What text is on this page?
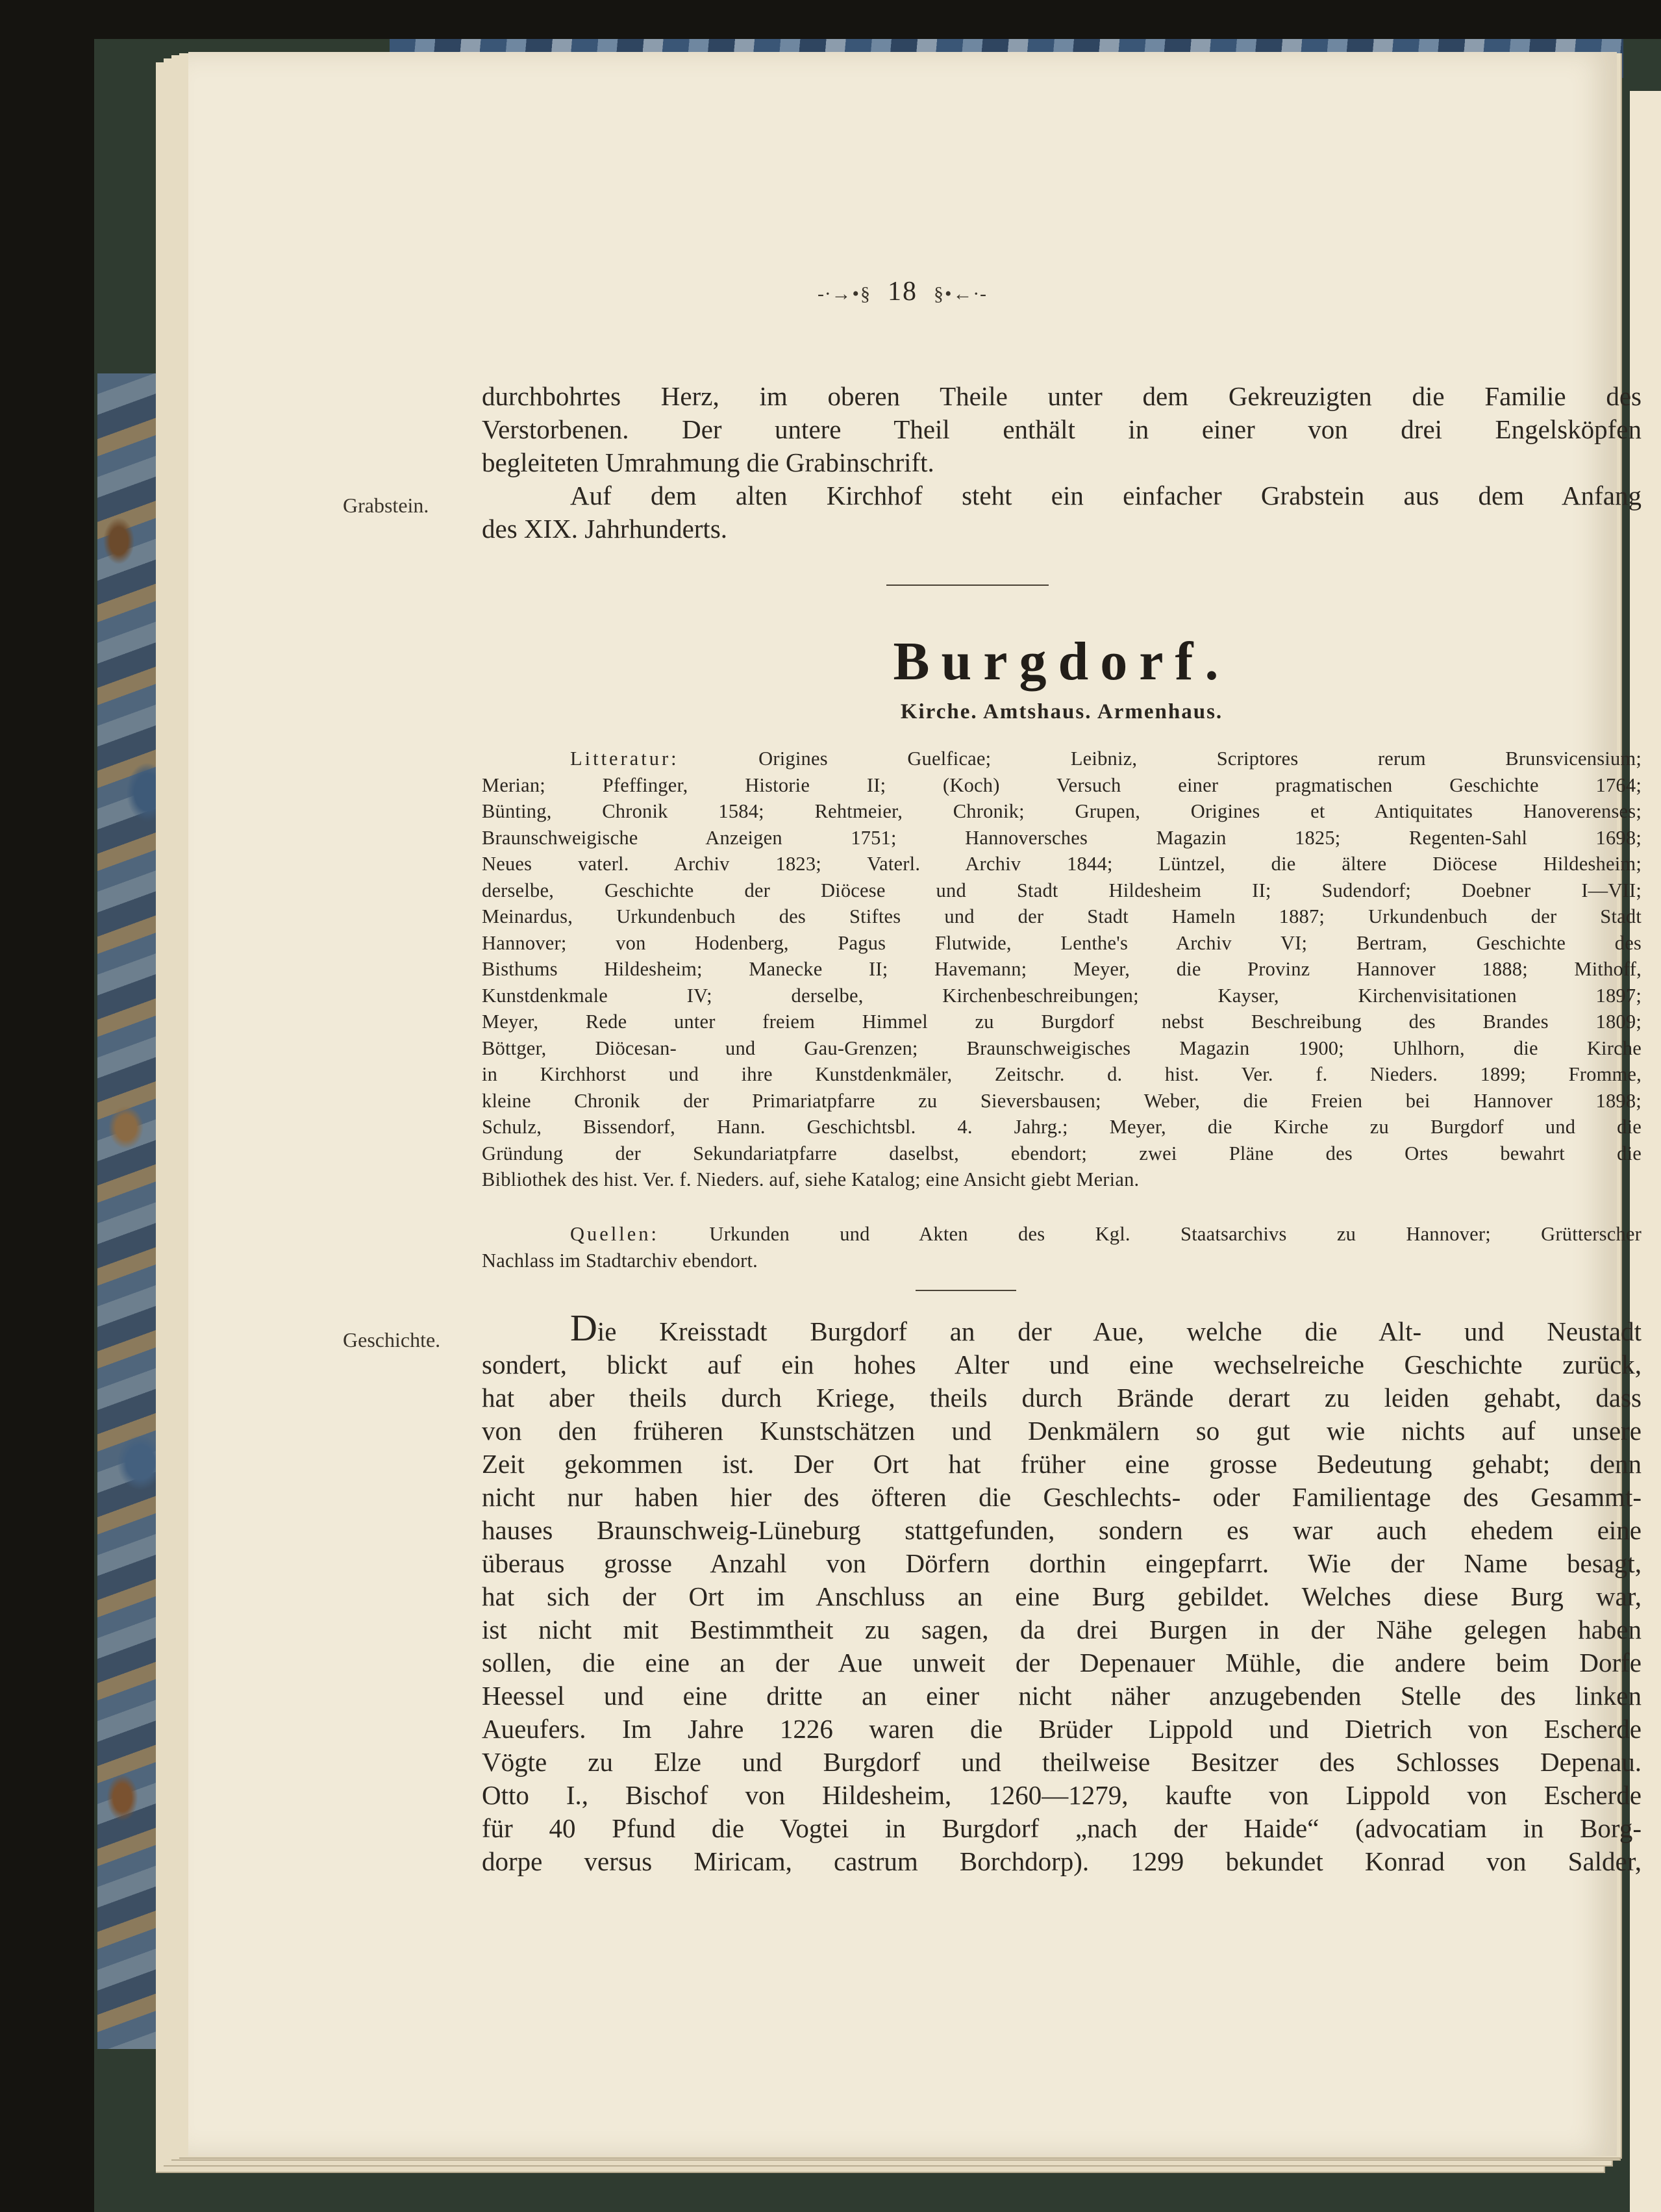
-∙→•§ 18 §•←∙-
durchbohrtes Herz, im oberen Theile unter dem Gekreuzigten die Familie des
Verstorbenen. Der untere Theil enthält in einer von drei Engelsköpfen
begleiteten Umrahmung die Grabinschrift.
Grabstein.	Auf dem alten Kirchhof steht ein einfacher Grabstein aus dem Anfang
des XIX. Jahrhunderts.
Burgdorf.
Kirche. Amtshaus. Armenhaus.
Litteratur:	Origines Guelficae; Leibniz, Scriptores rerum Brunsvicensium;
Merian; Pfeffinger, Historie II; (Koch) Versuch einer pragmatischen Geschichte 1764;
Bünting, Chronik 1584; Rehtmeier, Chronik; Grupen, Origines et Antiquitates Hanoverenses;
Braunschweigische Anzeigen 1751; Hannoversches Magazin 1825; Regenten-Sahl 1698;
Neues vaterl. Archiv 1823; Vaterl. Archiv 1844; Lüntzel, die ältere Diöcese Hildesheim;
derselbe, Geschichte der Diöcese und Stadt Hildesheim II; Sudendorf; Doebner I—VII;
Meinardus, Urkundenbuch des Stiftes und der Stadt Hameln 1887; Urkundenbuch der Stadt
Hannover; von Hodenberg, Pagus Flutwide, Lenthe's Archiv VI; Bertram, Geschichte des
Bisthums Hildesheim; Manecke II; Havemann; Meyer, die Provinz Hannover 1888; Mithoff,
Kunstdenkmale IV; derselbe, Kirchenbeschreibungen; Kayser, Kirchenvisitationen 1897;
Meyer, Rede unter freiem Himmel zu Burgdorf nebst Beschreibung des Brandes 1809;
Böttger, Diöcesan- und Gau-Grenzen; Braunschweigisches Magazin 1900; Uhlhorn, die Kirche
in Kirchhorst und ihre Kunstdenkmäler, Zeitschr. d. hist. Ver. f. Nieders. 1899; Fromme,
kleine Chronik der Primariatpfarre zu Sieversbausen; Weber, die Freien bei Hannover 1898;
Schulz, Bissendorf, Hann. Geschichtsbl. 4. Jahrg.; Meyer, die Kirche zu Burgdorf und die
Gründung der Sekundariatpfarre daselbst, ebendort; zwei Pläne des Ortes bewahrt die
Bibliothek des hist. Ver. f. Nieders. auf, siehe Katalog; eine Ansicht giebt Merian.
Quellen:	Urkunden und Akten des Kgl. Staatsarchivs zu Hannover; Grütterscher
Nachlass im Stadtarchiv ebendort.
Geschichte.	Die Kreisstadt Burgdorf an der Aue, welche die Alt- und Neustadt
sondert, blickt auf ein hohes Alter und eine wechselreiche Geschichte zurück,
hat aber theils durch Kriege, theils durch Brände derart zu leiden gehabt, dass
von den früheren Kunstschätzen und Denkmälern so gut wie nichts auf unsere
Zeit gekommen ist. Der Ort hat früher eine grosse Bedeutung gehabt; denn
nicht nur haben hier des öfteren die Geschlechts- oder Familientage des Gesammt-
hauses Braunschweig-Lüneburg stattgefunden, sondern es war auch ehedem eine
überaus grosse Anzahl von Dörfern dorthin eingepfarrt. Wie der Name besagt,
hat sich der Ort im Anschluss an eine Burg gebildet. Welches diese Burg war,
ist nicht mit Bestimmtheit zu sagen, da drei Burgen in der Nähe gelegen haben
sollen, die eine an der Aue unweit der Depenauer Mühle, die andere beim Dorfe
Heessel und eine dritte an einer nicht näher anzugebenden Stelle des linken
Aueufers. Im Jahre 1226 waren die Brüder Lippold und Dietrich von Escherde
Vögte zu Elze und Burgdorf und theilweise Besitzer des Schlosses Depenau.
Otto I., Bischof von Hildesheim, 1260—1279, kaufte von Lippold von Escherde
für 40 Pfund die Vogtei in Burgdorf „nach der Haide“ (advocatiam in Borg-
dorpe versus Miricam, castrum Borchdorp). 1299 bekundet Konrad von Salder,
